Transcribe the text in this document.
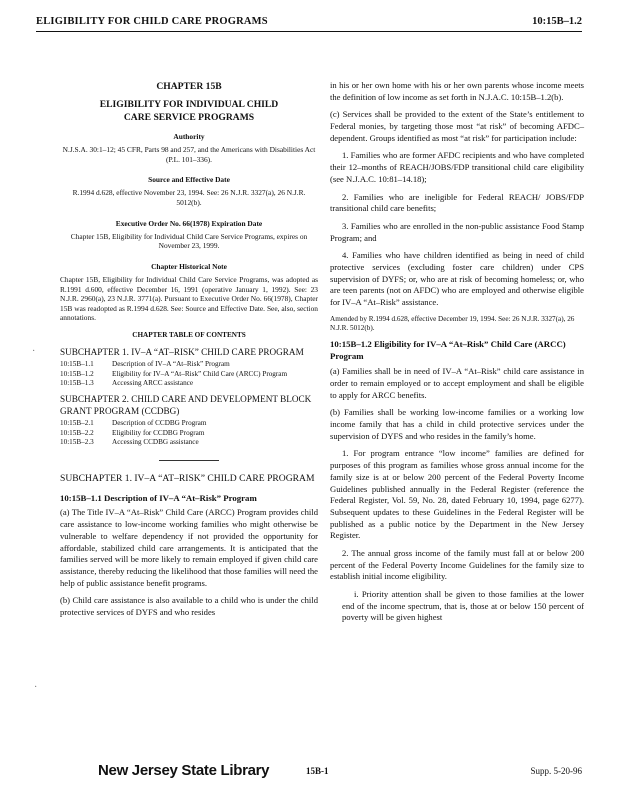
ELIGIBILITY FOR CHILD CARE PROGRAMS	10:15B–1.2
·
·
CHAPTER 15B
ELIGIBILITY FOR INDIVIDUAL CHILD
CARE SERVICE PROGRAMS
Authority
N.J.S.A. 30:1–12; 45 CFR, Parts 98 and 257, and the Americans with Disabilities Act (P.L. 101–336).
Source and Effective Date
R.1994 d.628, effective November 23, 1994. See: 26 N.J.R. 3327(a), 26 N.J.R. 5012(b).
Executive Order No. 66(1978) Expiration Date
Chapter 15B, Eligibility for Individual Child Care Service Programs, expires on November 23, 1999.
Chapter Historical Note
Chapter 15B, Eligibility for Individual Child Care Service Programs, was adopted as R.1991 d.600, effective December 16, 1991 (operative January 1, 1992). See: 23 N.J.R. 2960(a), 23 N.J.R. 3771(a). Pursuant to Executive Order No. 66(1978), Chapter 15B was readopted as R.1994 d.628. See: Source and Effective Date. See, also, section annotations.
CHAPTER TABLE OF CONTENTS
SUBCHAPTER 1. IV–A “AT–RISK” CHILD CARE PROGRAM
10:15B–1.1	Description of IV–A “At–Risk” Program
10:15B–1.2	Eligibility for IV–A “At–Risk” Child Care (ARCC) Program
10:15B–1.3	Accessing ARCC assistance
SUBCHAPTER 2. CHILD CARE AND DEVELOPMENT BLOCK GRANT PROGRAM (CCDBG)
10:15B–2.1	Description of CCDBG Program
10:15B–2.2	Eligibility for CCDBG Program
10:15B–2.3	Accessing CCDBG assistance
SUBCHAPTER 1. IV–A “AT–RISK” CHILD CARE PROGRAM
10:15B–1.1 Description of IV–A “At–Risk” Program
(a) The Title IV–A “At–Risk” Child Care (ARCC) Program provides child care assistance to low-income working families who might otherwise be vulnerable to welfare dependency if not provided the opportunity for affordable, stabilized child care arrangements. It is anticipated that the families served will be more likely to remain employed if given child care assistance, thereby reducing the likelihood that those families will need the help of public assistance benefit programs.
(b) Child care assistance is also available to a child who is under the child protective services of DYFS and who resides
in his or her own home with his or her own parents whose income meets the definition of low income as set forth in N.J.A.C. 10:15B–1.2(b).
(c) Services shall be provided to the extent of the State’s entitlement to Federal monies, by targeting those most “at risk” of becoming AFDC–dependent. Groups identified as most “at risk” for participation include:
1. Families who are former AFDC recipients and who have completed their 12–months of REACH/JOBS/FDP transitional child care eligibility (see N.J.A.C. 10:81–14.18);
2. Families who are ineligible for Federal REACH/ JOBS/FDP transitional child care benefits;
3. Families who are enrolled in the non-public assistance Food Stamp Program; and
4. Families who have children identified as being in need of child protective services (excluding foster care children) under CPS supervision of DYFS; or, who are at risk of becoming homeless; or, who are teen parents (not on AFDC) who are employed and otherwise eligible for IV–A “At–Risk” assistance.
Amended by R.1994 d.628, effective December 19, 1994. See: 26 N.J.R. 3327(a), 26 N.J.R. 5012(b).
10:15B–1.2 Eligibility for IV–A “At–Risk” Child Care (ARCC) Program
(a) Families shall be in need of IV–A “At–Risk” child care assistance in order to remain employed or to accept employment and shall be eligible to apply for ARCC benefits.
(b) Families shall be working low-income families or a working low income family that has a child in child protective services under the supervision of DYFS and who resides in the family’s home.
1. For program entrance “low income” families are defined for purposes of this program as families whose gross annual income for the family size is at or below 200 percent of the Federal Poverty Income Guidelines published annually in the Federal Register (reference the Federal Register, Vol. 59, No. 28, dated February 10, 1994, page 6277). Subsequent updates to these Guidelines in the Federal Register will be published as a public notice by the Department in the New Jersey Register.
2. The annual gross income of the family must fall at or below 200 percent of the Federal Poverty Income Guidelines for the family size to establish initial income eligibility.
i. Priority attention shall be given to those families at the lower end of the income spectrum, that is, those at or below 150 percent of poverty will be given highest
New Jersey State Library	15B-1	Supp. 5-20-96
